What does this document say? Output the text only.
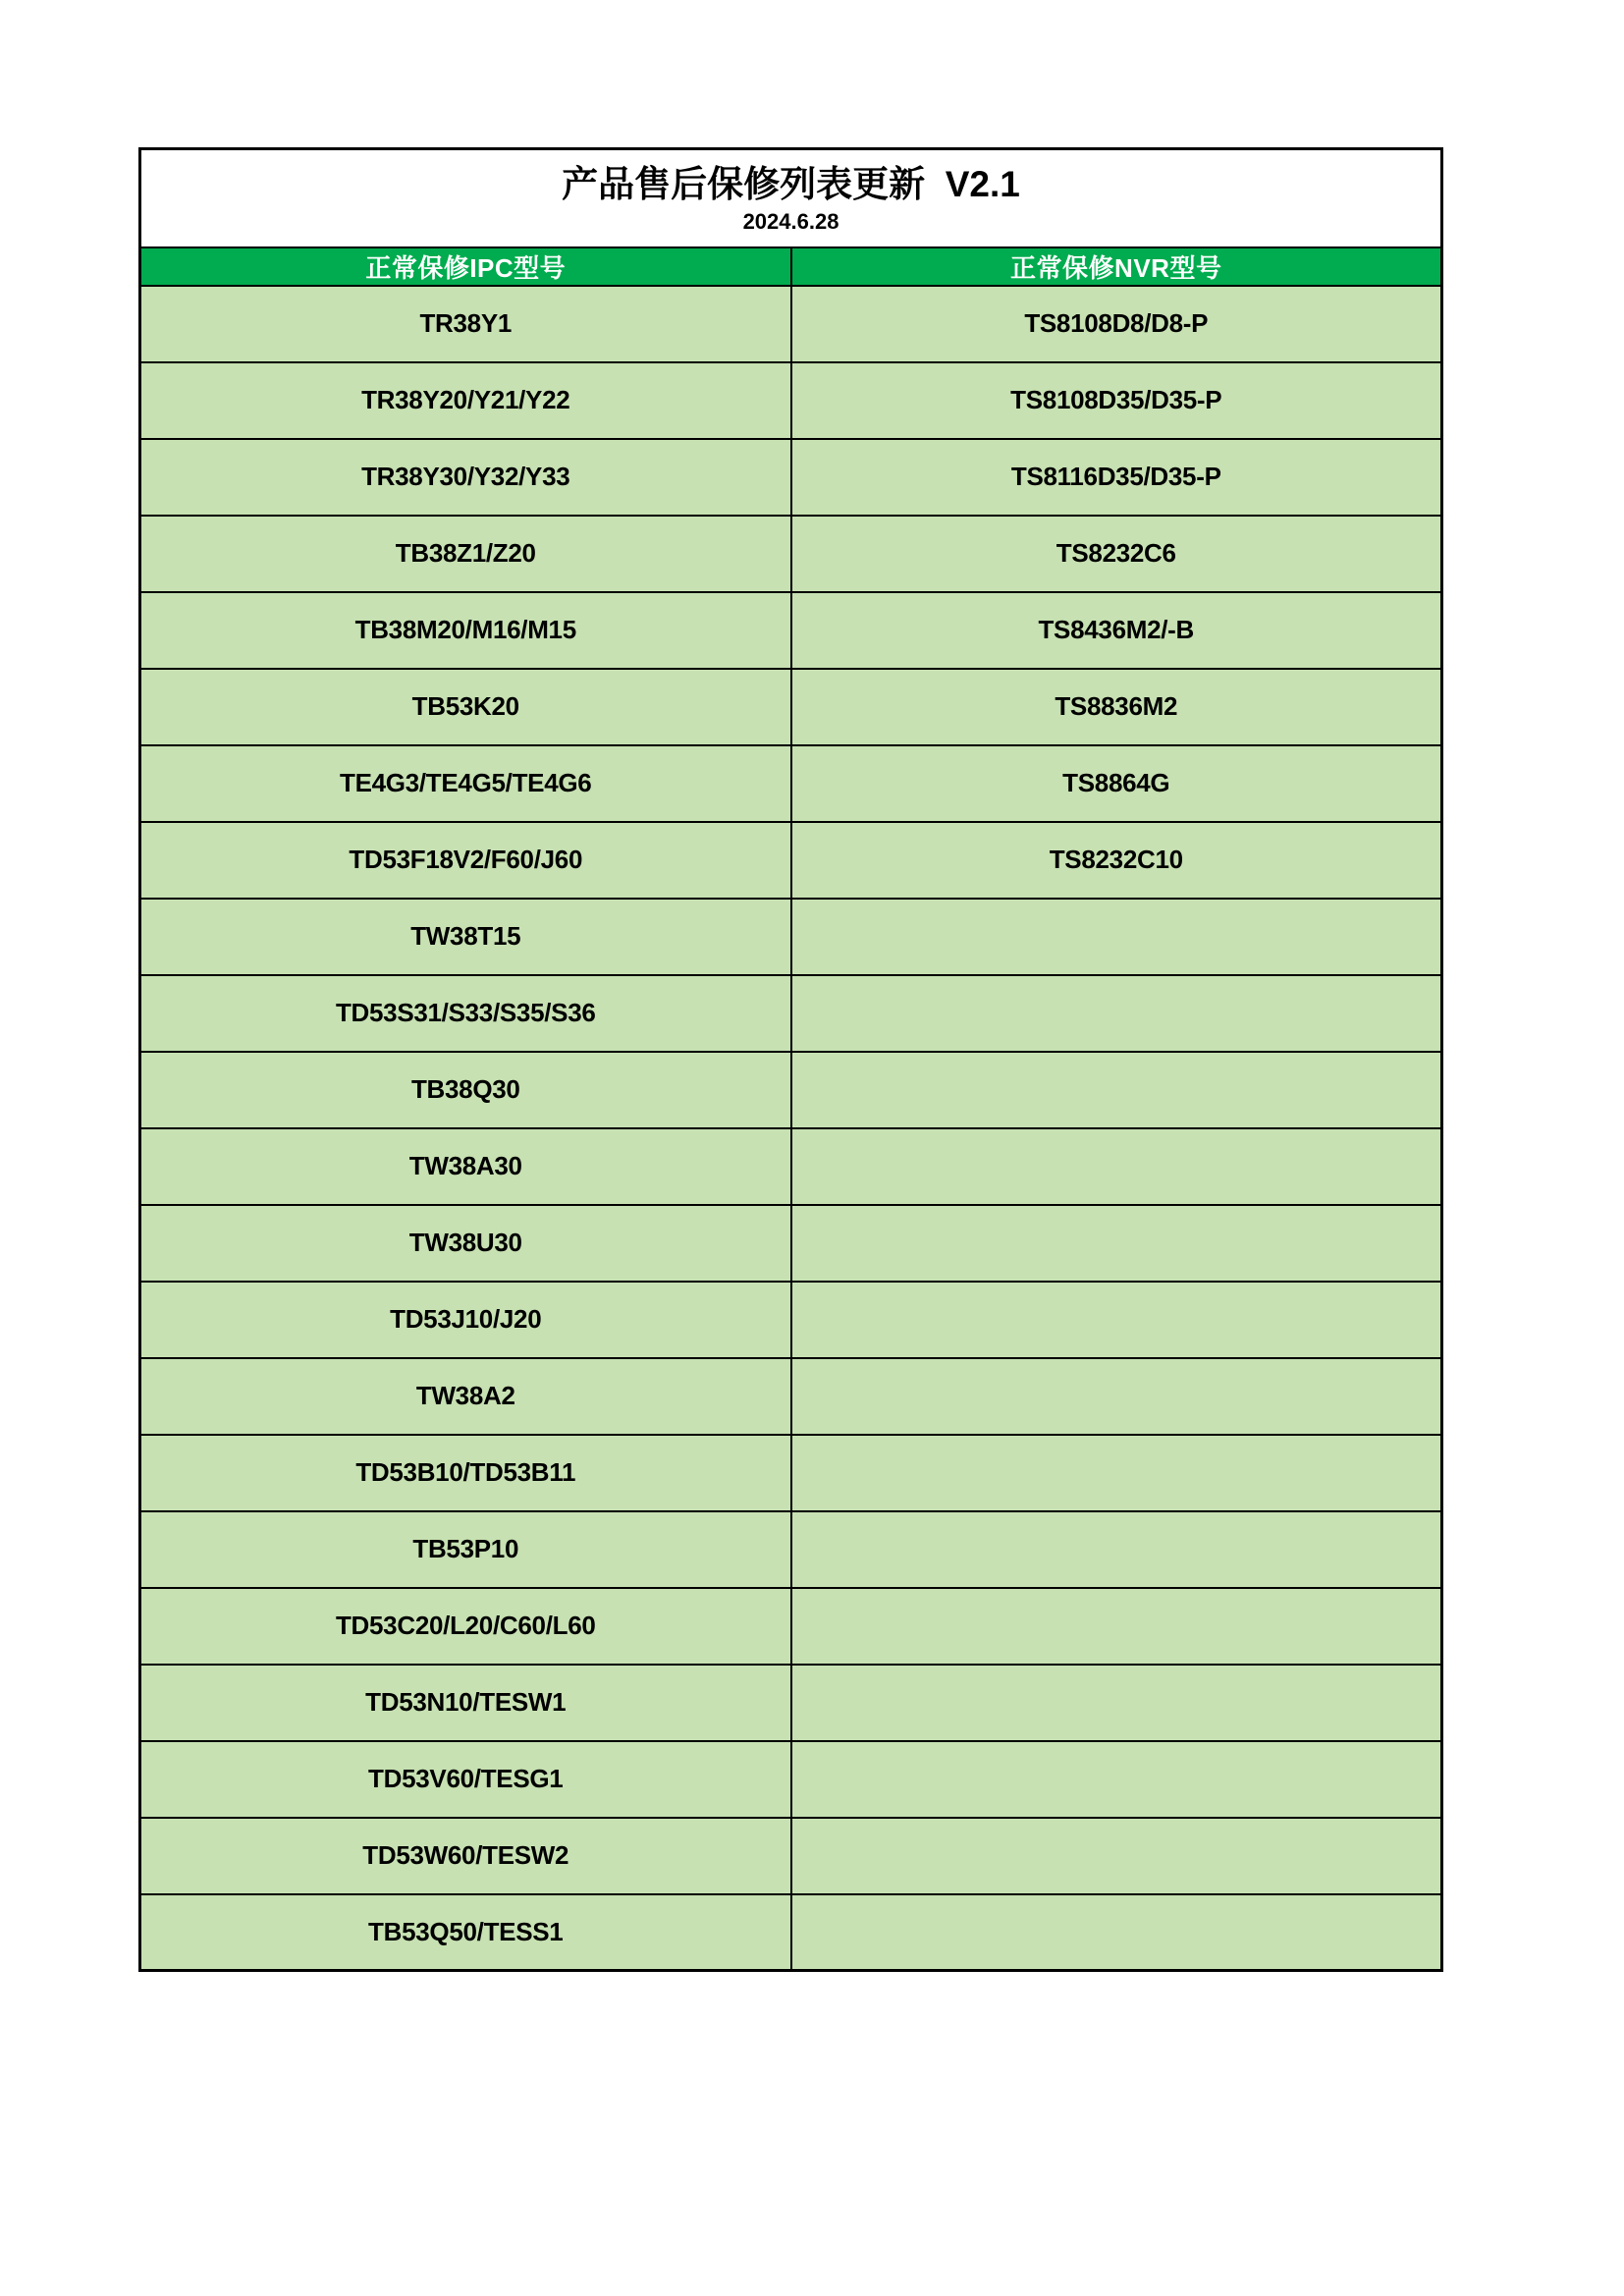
产品售后保修列表更新  V2.1
2024.6.28	

正常保修IPC型号	正常保修NVR型号
TR38Y1	TS8108D8/D8-P
TR38Y20/Y21/Y22	TS8108D35/D35-P
TR38Y30/Y32/Y33	TS8116D35/D35-P
TB38Z1/Z20	TS8232C6
TB38M20/M16/M15	TS8436M2/-B
TB53K20	TS8836M2
TE4G3/TE4G5/TE4G6	TS8864G
TD53F18V2/F60/J60	TS8232C10
TW38T15	
TD53S31/S33/S35/S36	
TB38Q30	
TW38A30	
TW38U30	
TD53J10/J20	
TW38A2	
TD53B10/TD53B11	
TB53P10	
TD53C20/L20/C60/L60	
TD53N10/TESW1	
TD53V60/TESG1	
TD53W60/TESW2	
TB53Q50/TESS1	
